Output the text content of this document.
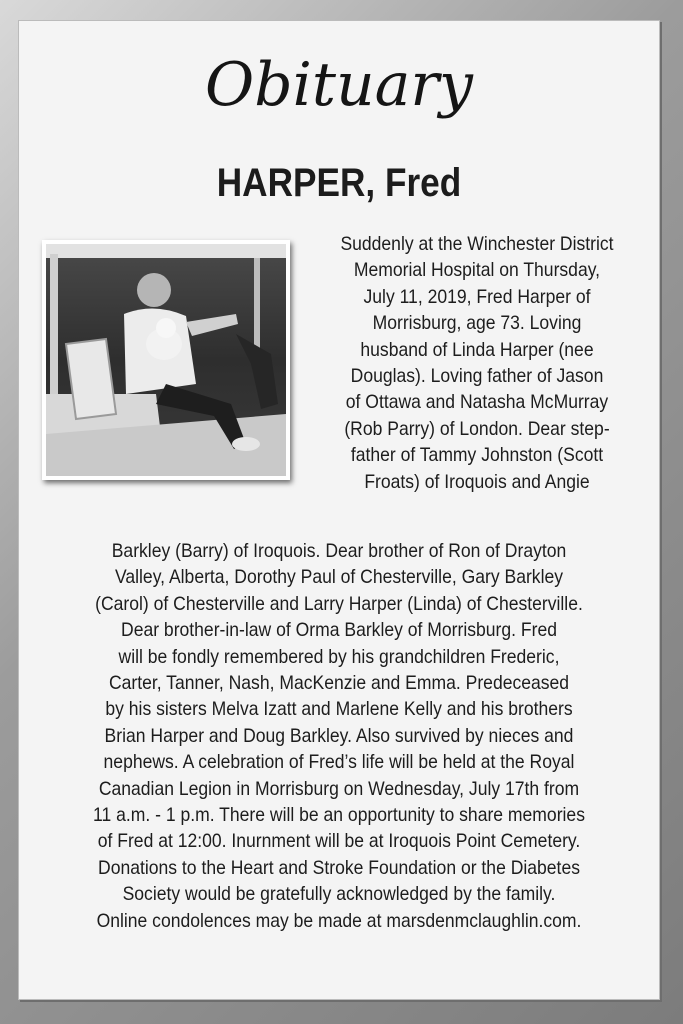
Obituary
HARPER, Fred
Suddenly at the Winchester District
Memorial Hospital on Thursday,
July 11, 2019, Fred Harper of
Morrisburg, age 73. Loving
husband of Linda Harper (nee
Douglas). Loving father of Jason
of Ottawa and Natasha McMurray
(Rob Parry) of London. Dear step-
father of Tammy Johnston (Scott
Froats) of Iroquois and Angie
Barkley (Barry) of Iroquois. Dear brother of Ron of Drayton
Valley, Alberta, Dorothy Paul of Chesterville, Gary Barkley
(Carol) of Chesterville and Larry Harper (Linda) of Chesterville.
Dear brother-in-law of Orma Barkley of Morrisburg. Fred
will be fondly remembered by his grandchildren Frederic,
Carter, Tanner, Nash, MacKenzie and Emma. Predeceased
by his sisters Melva Izatt and Marlene Kelly and his brothers
Brian Harper and Doug Barkley. Also survived by nieces and
nephews. A celebration of Fred’s life will be held at the Royal
Canadian Legion in Morrisburg on Wednesday, July 17th from
11 a.m. - 1 p.m. There will be an opportunity to share memories
of Fred at 12:00. Inurnment will be at Iroquois Point Cemetery.
Donations to the Heart and Stroke Foundation or the Diabetes
Society would be gratefully acknowledged by the family.
Online condolences may be made at marsdenmclaughlin.com.
